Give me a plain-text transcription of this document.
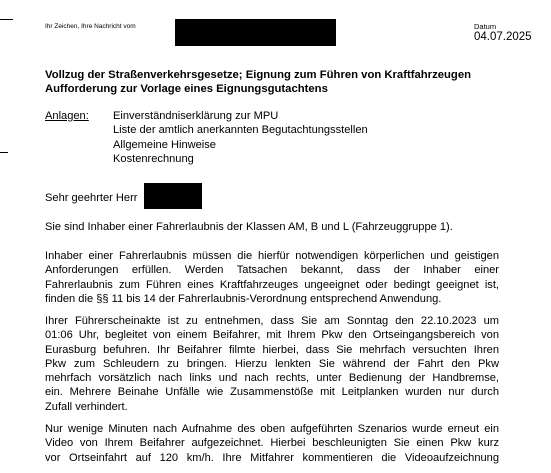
Ihr Zeichen, Ihre Nachricht vom	Datum
04.07.2025
Vollzug der Straßenverkehrsgesetze; Eignung zum Führen von Kraftfahrzeugen
Aufforderung zur Vorlage eines Eignungsgutachtens
Anlagen: Einverständniserklärung zur MPU
Liste der amtlich anerkannten Begutachtungsstellen
Allgemeine Hinweise
Kostenrechnung
Sehr geehrter Herr
Sie sind Inhaber einer Fahrerlaubnis der Klassen AM, B und L (Fahrzeuggruppe 1).
Inhaber einer Fahrerlaubnis müssen die hierfür notwendigen körperlichen und geistigen
Anforderungen erfüllen. Werden Tatsachen bekannt, dass der Inhaber einer
Fahrerlaubnis zum Führen eines Kraftfahrzeuges ungeeignet oder bedingt geeignet ist,
finden die §§ 11 bis 14 der Fahrerlaubnis-Verordnung entsprechend Anwendung.
Ihrer Führerscheinakte ist zu entnehmen, dass Sie am Sonntag den 22.10.2023 um
01:06 Uhr, begleitet von einem Beifahrer, mit Ihrem Pkw den Ortseingangsbereich von
Eurasburg befuhren. Ihr Beifahrer filmte hierbei, dass Sie mehrfach versuchten Ihren
Pkw zum Schleudern zu bringen. Hierzu lenkten Sie während der Fahrt den Pkw
mehrfach vorsätzlich nach links und nach rechts, unter Bedienung der Handbremse,
ein. Mehrere Beinahe Unfälle wie Zusammenstöße mit Leitplanken wurden nur durch
Zufall verhindert.
Nur wenige Minuten nach Aufnahme des oben aufgeführten Szenarios wurde erneut ein
Video von Ihrem Beifahrer aufgezeichnet. Hierbei beschleunigten Sie einen Pkw kurz
vor Ortseinfahrt auf 120 km/h. Ihre Mitfahrer kommentieren die Videoaufzeichnung
